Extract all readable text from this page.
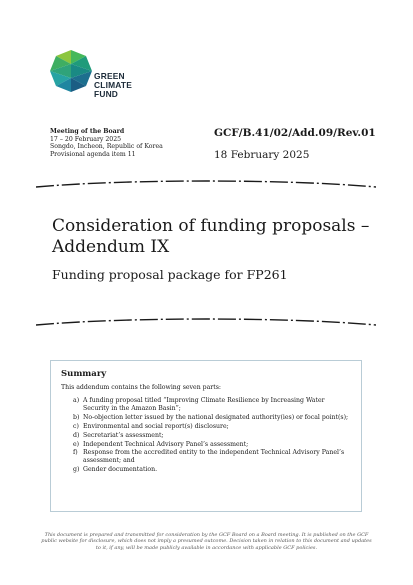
GREEN
CLIMATE
FUND
Meeting of the Board
17 – 20 February 2025
Songdo, Incheon, Republic of Korea
Provisional agenda item 11
GCF/B.41/02/Add.09/Rev.01
18 February 2025
Consideration of funding proposals –
Addendum IX
Funding proposal package for FP261
Summary

This addendum contains the following seven parts:

a) A funding proposal titled “Improving Climate Resilience by Increasing Water Security in the Amazon Basin”;
b) No-objection letter issued by the national designated authority(ies) or focal point(s);
c) Environmental and social report(s) disclosure;
d) Secretariat’s assessment;
e) Independent Technical Advisory Panel’s assessment;
f) Response from the accredited entity to the independent Technical Advisory Panel’s assessment; and
g) Gender documentation.
This document is prepared and transmitted for consideration by the GCF Board on a Board meeting. It is published on the GCF public website for disclosure, which does not imply a presumed outcome. Decision taken in relation to this document and updates to it, if any, will be made publicly available in accordance with applicable GCF policies.
